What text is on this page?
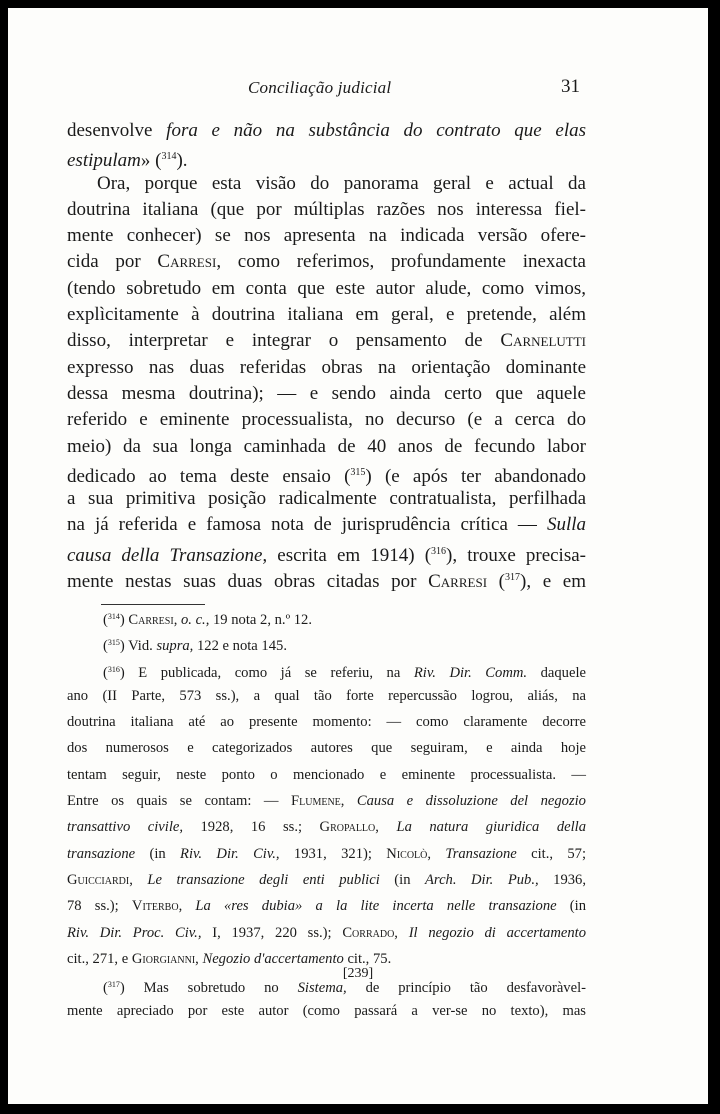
Conciliação judicial	31
desenvolve fora e não na substância do contrato que elas
estipulam» ($^{314}$).
Ora, porque esta visão do panorama geral e actual da
doutrina italiana (que por múltiplas razões nos interessa fiel-
mente conhecer) se nos apresenta na indicada versão ofere-
cida por Carresi, como referimos, profundamente inexacta
(tendo sobretudo em conta que este autor alude, como vimos,
explìcitamente à doutrina italiana em geral, e pretende, além
disso, interpretar e integrar o pensamento de Carnelutti
expresso nas duas referidas obras na orientação dominante
dessa mesma doutrina); — e sendo ainda certo que aquele
referido e eminente processualista, no decurso (e a cerca do
meio) da sua longa caminhada de 40 anos de fecundo labor
dedicado ao tema deste ensaio ($^{315}$) (e após ter abandonado
a sua primitiva posição radicalmente contratualista, perfilhada
na já referida e famosa nota de jurisprudência crítica — Sulla
causa della Transazione, escrita em 1914) ($^{316}$), trouxe precisa-
mente nestas suas duas obras citadas por Carresi ($^{317}$), e em
($^{314}$) Carresi, o. c., 19 nota 2, n.º 12.
($^{315}$) Vid. supra, 122 e nota 145.
($^{316}$) E publicada, como já se referiu, na Riv. Dir. Comm. daquele
ano (II Parte, 573 ss.), a qual tão forte repercussão logrou, aliás, na
doutrina italiana até ao presente momento: — como claramente decorre
dos numerosos e categorizados autores que seguiram, e ainda hoje
tentam seguir, neste ponto o mencionado e eminente processualista. —
Entre os quais se contam: — Flumene, Causa e dissoluzione del negozio
transattivo civile, 1928, 16 ss.; Gropallo, La natura giuridica della
transazione (in Riv. Dir. Civ., 1931, 321); Nicolò, Transazione cit., 57;
Guicciardi, Le transazione degli enti publici (in Arch. Dir. Pub., 1936,
78 ss.); Viterbo, La «res dubia» a la lite incerta nelle transazione (in
Riv. Dir. Proc. Civ., I, 1937, 220 ss.); Corrado, Il negozio di accertamento
cit., 271, e Giorgianni, Negozio d'accertamento cit., 75.
($^{317}$) Mas sobretudo no Sistema, de princípio tão desfavoràvel-
mente apreciado por este autor (como passará a ver-se no texto), mas
[239]
